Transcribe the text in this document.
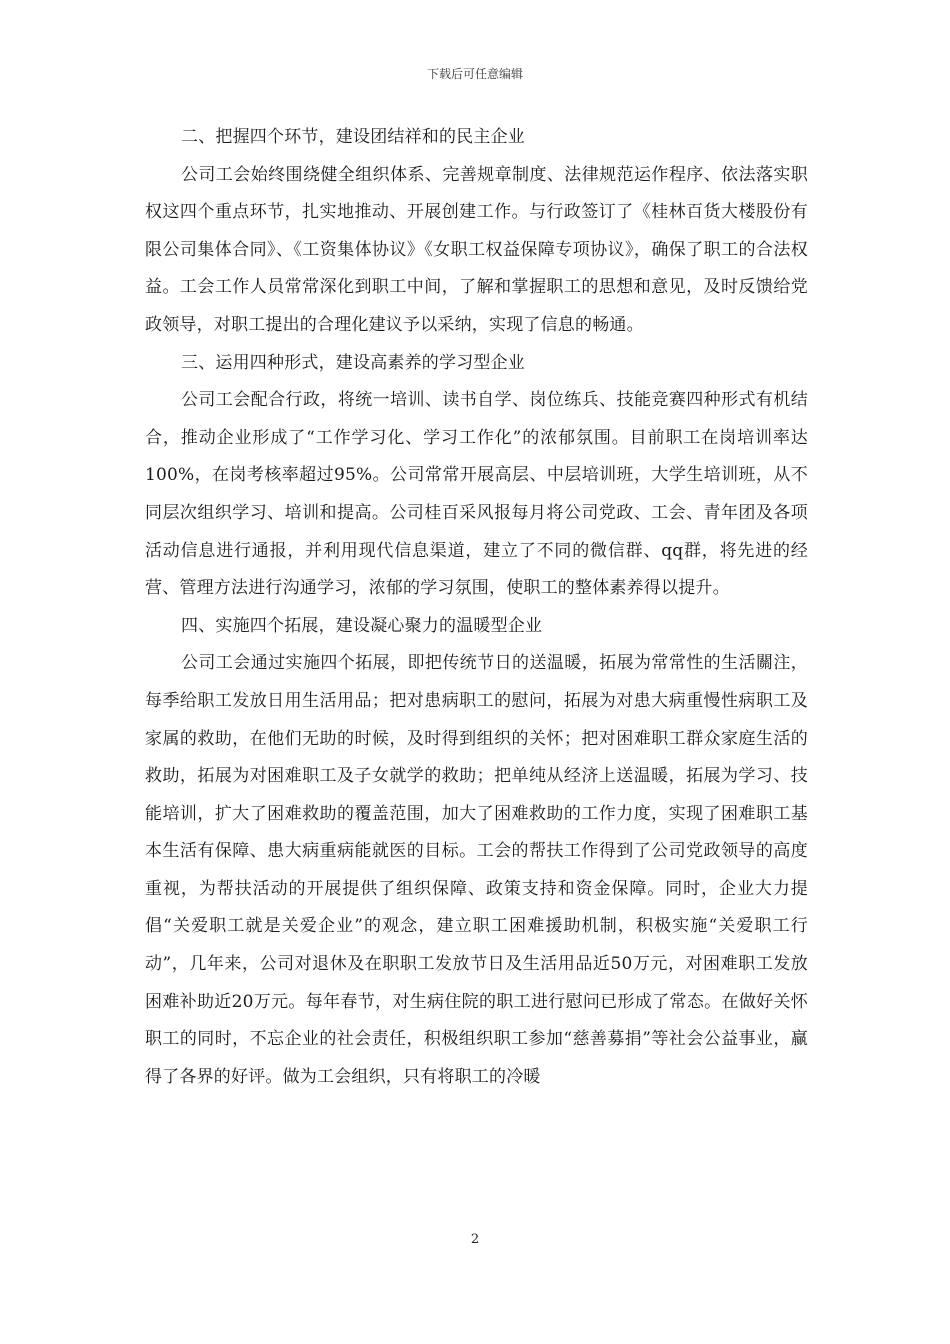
下载后可任意编辑

二、把握四个环节，建设团结祥和的民主企业

公司工会始终围绕健全组织体系、完善规章制度、法律规范运作程序、依法落实职权这四个重点环节，扎实地推动、开展创建工作。与行政签订了《桂林百货大楼股份有限公司集体合同》、《工资集体协议》《女职工权益保障专项协议》，确保了职工的合法权益。工会工作人员常常深化到职工中间，了解和掌握职工的思想和意见，及时反馈给党政领导，对职工提出的合理化建议予以采纳，实现了信息的畅通。

三、运用四种形式，建设高素养的学习型企业

公司工会配合行政，将统一培训、读书自学、岗位练兵、技能竞赛四种形式有机结合，推动企业形成了“工作学习化、学习工作化”的浓郁氛围。目前职工在岗培训率达100%，在岗考核率超过95%。公司常常开展高层、中层培训班，大学生培训班，从不同层次组织学习、培训和提高。公司桂百采风报每月将公司党政、工会、青年团及各项活动信息进行通报，并利用现代信息渠道，建立了不同的微信群、qq群，将先进的经营、管理方法进行沟通学习，浓郁的学习氛围，使职工的整体素养得以提升。

四、实施四个拓展，建设凝心聚力的温暖型企业

公司工会通过实施四个拓展，即把传统节日的送温暖，拓展为常常性的生活關注，每季给职工发放日用生活用品；把对患病职工的慰问，拓展为对患大病重慢性病职工及家属的救助，在他们无助的时候，及时得到组织的关怀；把对困难职工群众家庭生活的救助，拓展为对困难职工及子女就学的救助；把单纯从经济上送温暖，拓展为学习、技能培训，扩大了困难救助的覆盖范围，加大了困难救助的工作力度，实现了困难职工基本生活有保障、患大病重病能就医的目标。工会的帮扶工作得到了公司党政领导的高度重视，为帮扶活动的开展提供了组织保障、政策支持和资金保障。同时，企业大力提倡“关爱职工就是关爱企业”的观念，建立职工困难援助机制，积极实施“关爱职工行动”，几年来，公司对退休及在职职工发放节日及生活用品近50万元，对困难职工发放困难补助近20万元。每年春节，对生病住院的职工进行慰问已形成了常态。在做好关怀职工的同时，不忘企业的社会责任，积极组织职工参加“慈善募捐”等社会公益事业，赢得了各界的好评。做为工会组织，只有将职工的冷暖

2
